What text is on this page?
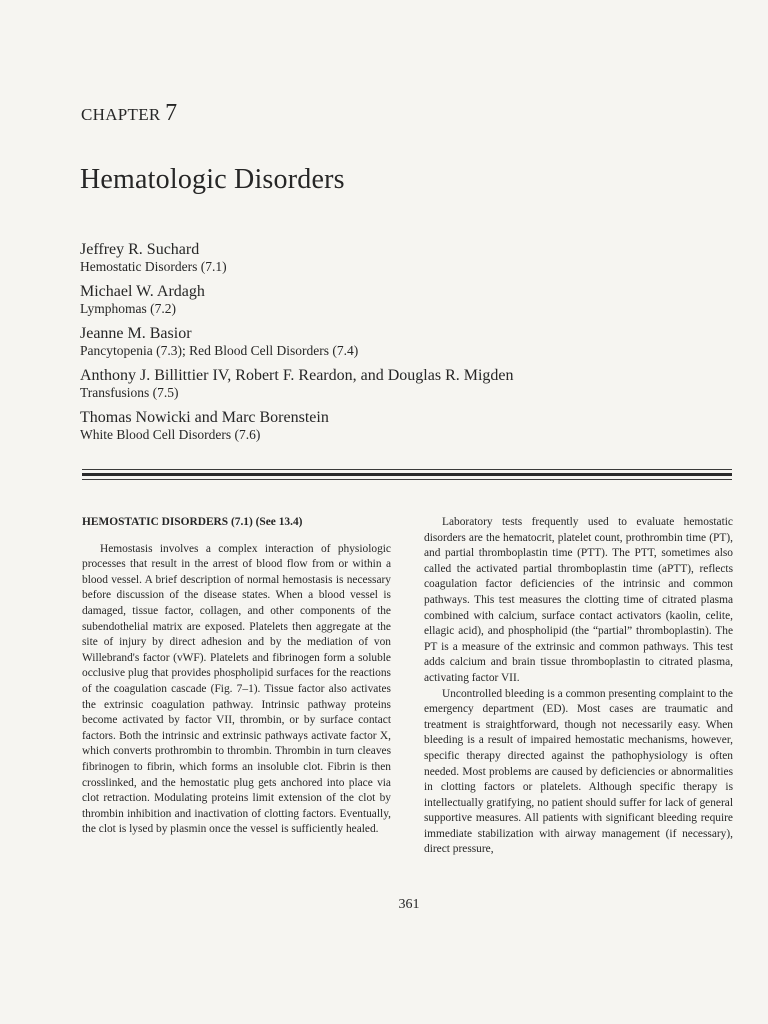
CHAPTER 7
Hematologic Disorders
Jeffrey R. Suchard
Hemostatic Disorders (7.1)
Michael W. Ardagh
Lymphomas (7.2)
Jeanne M. Basior
Pancytopenia (7.3); Red Blood Cell Disorders (7.4)
Anthony J. Billittier IV, Robert F. Reardon, and Douglas R. Migden
Transfusions (7.5)
Thomas Nowicki and Marc Borenstein
White Blood Cell Disorders (7.6)
HEMOSTATIC DISORDERS (7.1) (See 13.4)

Hemostasis involves a complex interaction of physiologic processes that result in the arrest of blood flow from or within a blood vessel. A brief description of normal hemostasis is necessary before discussion of the disease states. When a blood vessel is damaged, tissue factor, collagen, and other components of the subendothelial matrix are exposed. Platelets then aggregate at the site of injury by direct adhesion and by the mediation of von Willebrand's factor (vWF). Platelets and fibrinogen form a soluble occlusive plug that provides phospholipid surfaces for the reactions of the coagulation cascade (Fig. 7–1). Tissue factor also activates the extrinsic coagulation pathway. Intrinsic pathway proteins become activated by factor VII, thrombin, or by surface contact factors. Both the intrinsic and extrinsic pathways activate factor X, which converts prothrombin to thrombin. Thrombin in turn cleaves fibrinogen to fibrin, which forms an insoluble clot. Fibrin is then crosslinked, and the hemostatic plug gets anchored into place via clot retraction. Modulating proteins limit extension of the clot by thrombin inhibition and inactivation of clotting factors. Eventually, the clot is lysed by plasmin once the vessel is sufficiently healed.

Laboratory tests frequently used to evaluate hemostatic disorders are the hematocrit, platelet count, prothrombin time (PT), and partial thromboplastin time (PTT). The PTT, sometimes also called the activated partial thromboplastin time (aPTT), reflects coagulation factor deficiencies of the intrinsic and common pathways. This test measures the clotting time of citrated plasma combined with calcium, surface contact activators (kaolin, celite, ellagic acid), and phospholipid (the “partial” thromboplastin). The PT is a measure of the extrinsic and common pathways. This test adds calcium and brain tissue thromboplastin to citrated plasma, activating factor VII.

Uncontrolled bleeding is a common presenting complaint to the emergency department (ED). Most cases are traumatic and treatment is straightforward, though not necessarily easy. When bleeding is a result of impaired hemostatic mechanisms, however, specific therapy directed against the pathophysiology is often needed. Most problems are caused by deficiencies or abnormalities in clotting factors or platelets. Although specific therapy is intellectually gratifying, no patient should suffer for lack of general supportive measures. All patients with significant bleeding require immediate stabilization with airway management (if necessary), direct pressure,

361
